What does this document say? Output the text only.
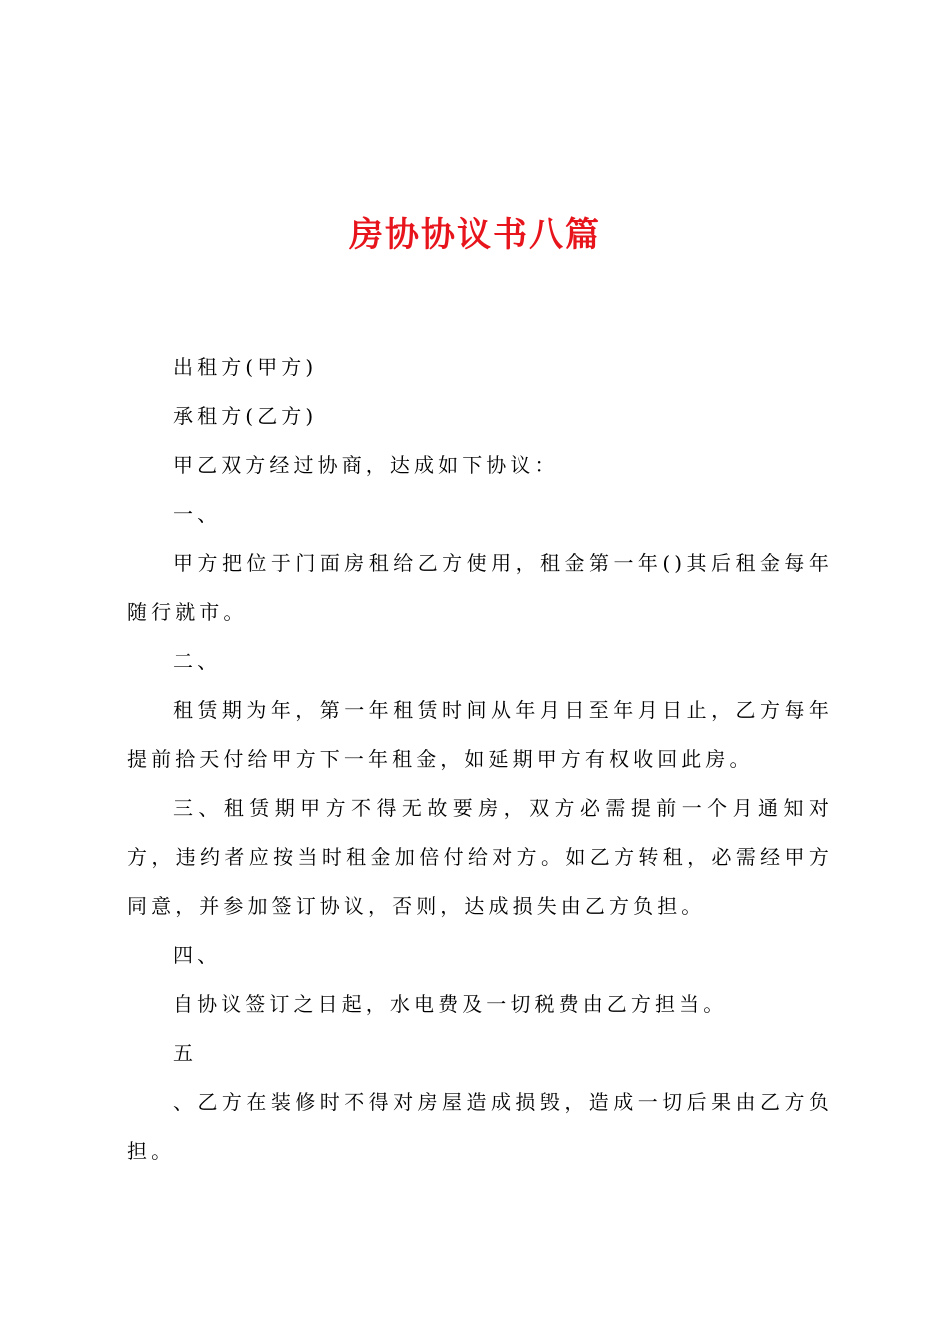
房协协议书八篇

出租方(甲方)

承租方(乙方)

甲乙双方经过协商，达成如下协议：

一、

甲方把位于门面房租给乙方使用，租金第一年()其后租金每年随行就市。

二、

租赁期为年，第一年租赁时间从年月日至年月日止，乙方每年提前拾天付给甲方下一年租金，如延期甲方有权收回此房。

三、租赁期甲方不得无故要房，双方必需提前一个月通知对方，违约者应按当时租金加倍付给对方。如乙方转租，必需经甲方同意，并参加签订协议，否则，达成损失由乙方负担。

四、

自协议签订之日起，水电费及一切税费由乙方担当。

五

、乙方在装修时不得对房屋造成损毁，造成一切后果由乙方负担。
